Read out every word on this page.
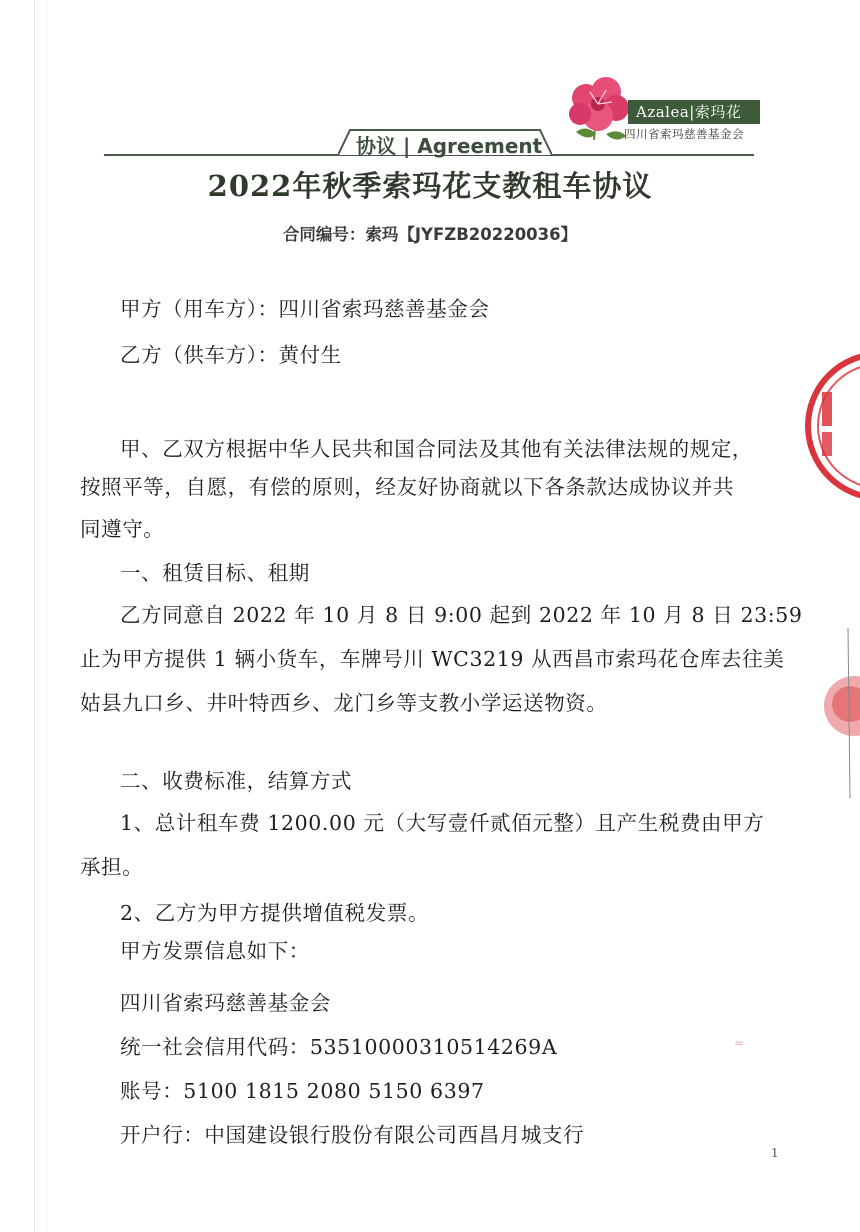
Azalea|索玛花
四川省索玛慈善基金会
协议 | Agreement
2022年秋季索玛花支教租车协议
合同编号：索玛【JYFZB20220036】
甲方（用车方）：四川省索玛慈善基金会
乙方（供车方）：黄付生
甲、乙双方根据中华人民共和国合同法及其他有关法律法规的规定，
按照平等，自愿，有偿的原则，经友好协商就以下各条款达成协议并共
同遵守。
一、租赁目标、租期
乙方同意自 2022 年 10 月 8 日 9:00 起到 2022 年 10 月 8 日 23:59
止为甲方提供 1 辆小货车，车牌号川 WC3219 从西昌市索玛花仓库去往美
姑县九口乡、井叶特西乡、龙门乡等支教小学运送物资。
二、收费标准，结算方式
1、总计租车费 1200.00 元（大写壹仟贰佰元整）且产生税费由甲方
承担。
2、乙方为甲方提供增值税发票。
甲方发票信息如下：
四川省索玛慈善基金会
统一社会信用代码：53510000310514269A
账号：5100 1815 2080 5150 6397
开户行：中国建设银行股份有限公司西昌月城支行
≈
1
